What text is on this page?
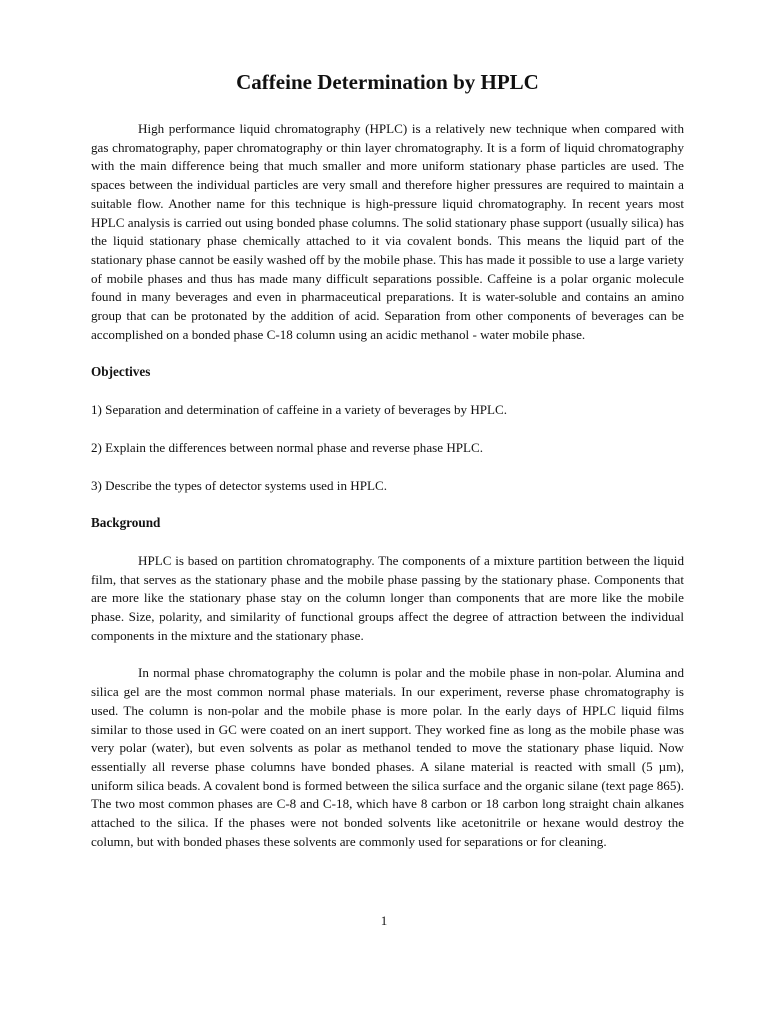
Caffeine Determination by HPLC

High performance liquid chromatography (HPLC) is a relatively new technique when compared with gas chromatography, paper chromatography or thin layer chromatography. It is a form of liquid chromatography with the main difference being that much smaller and more uniform stationary phase particles are used. The spaces between the individual particles are very small and therefore higher pressures are required to maintain a suitable flow. Another name for this technique is high-pressure liquid chromatography. In recent years most HPLC analysis is carried out using bonded phase columns. The solid stationary phase support (usually silica) has the liquid stationary phase chemically attached to it via covalent bonds. This means the liquid part of the stationary phase cannot be easily washed off by the mobile phase. This has made it possible to use a large variety of mobile phases and thus has made many difficult separations possible. Caffeine is a polar organic molecule found in many beverages and even in pharmaceutical preparations. It is water-soluble and contains an amino group that can be protonated by the addition of acid. Separation from other components of beverages can be accomplished on a bonded phase C-18 column using an acidic methanol - water mobile phase.

Objectives
1) Separation and determination of caffeine in a variety of beverages by HPLC.
2) Explain the differences between normal phase and reverse phase HPLC.
3) Describe the types of detector systems used in HPLC.
Background

HPLC is based on partition chromatography. The components of a mixture partition between the liquid film, that serves as the stationary phase and the mobile phase passing by the stationary phase. Components that are more like the stationary phase stay on the column longer than components that are more like the mobile phase. Size, polarity, and similarity of functional groups affect the degree of attraction between the individual components in the mixture and the stationary phase.

In normal phase chromatography the column is polar and the mobile phase in non-polar. Alumina and silica gel are the most common normal phase materials. In our experiment, reverse phase chromatography is used. The column is non-polar and the mobile phase is more polar. In the early days of HPLC liquid films similar to those used in GC were coated on an inert support. They worked fine as long as the mobile phase was very polar (water), but even solvents as polar as methanol tended to move the stationary phase liquid. Now essentially all reverse phase columns have bonded phases. A silane material is reacted with small (5 µm), uniform silica beads. A covalent bond is formed between the silica surface and the organic silane (text page 865). The two most common phases are C-8 and C-18, which have 8 carbon or 18 carbon long straight chain alkanes attached to the silica. If the phases were not bonded solvents like acetonitrile or hexane would destroy the column, but with bonded phases these solvents are commonly used for separations or for cleaning.

1
